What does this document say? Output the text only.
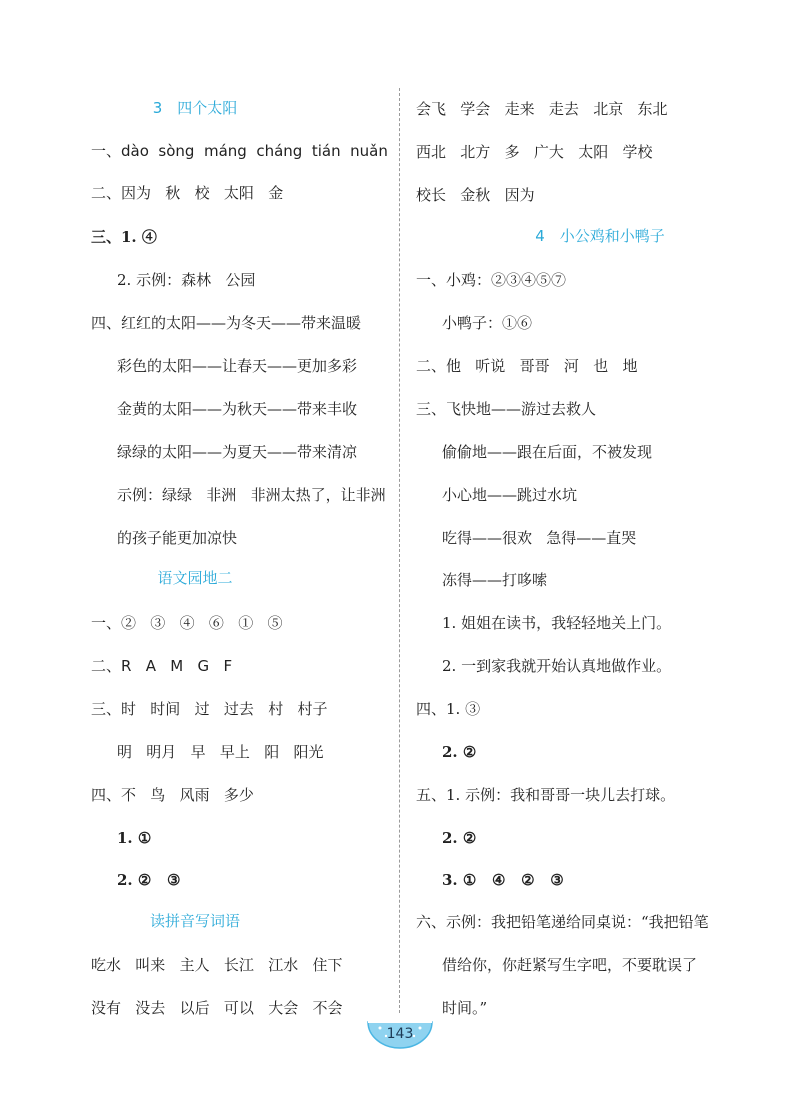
3　四个太阳
一、dào  sòng  máng  cháng  tián  nuǎn
二、因为   秋   校   太阳   金
三、1. ④
2. 示例：森林   公园
四、红红的太阳——为冬天——带来温暖
彩色的太阳——让春天——更加多彩
金黄的太阳——为秋天——带来丰收
绿绿的太阳——为夏天——带来清凉
示例：绿绿   非洲   非洲太热了，让非洲
的孩子能更加凉快
语文园地二
一、②   ③   ④   ⑥   ①   ⑤
二、R   A   M   G   F
三、时   时间   过   过去   村   村子
明   明月   早   早上   阳   阳光
四、不   鸟   风雨   多少
1. ①
2. ②   ③
读拼音写词语
吃水   叫来   主人   长江   江水   住下
没有   没去   以后   可以   大会   不会
会飞   学会   走来   走去   北京   东北
西北   北方   多   广大   太阳   学校
校长   金秋   因为
4　小公鸡和小鸭子
一、小鸡：②③④⑤⑦
小鸭子：①⑥
二、他   听说   哥哥   河   也   地
三、飞快地——游过去救人
偷偷地——跟在后面，不被发现
小心地——跳过水坑
吃得——很欢   急得——直哭
冻得——打哆嗦
1. 姐姐在读书，我轻轻地关上门。
2. 一到家我就开始认真地做作业。
四、1. ③
2. ②
五、1. 示例：我和哥哥一块儿去打球。
2. ②
3. ①   ④   ②   ③
六、示例：我把铅笔递给同桌说：“我把铅笔
借给你，你赶紧写生字吧，不要耽误了
时间。”
143
